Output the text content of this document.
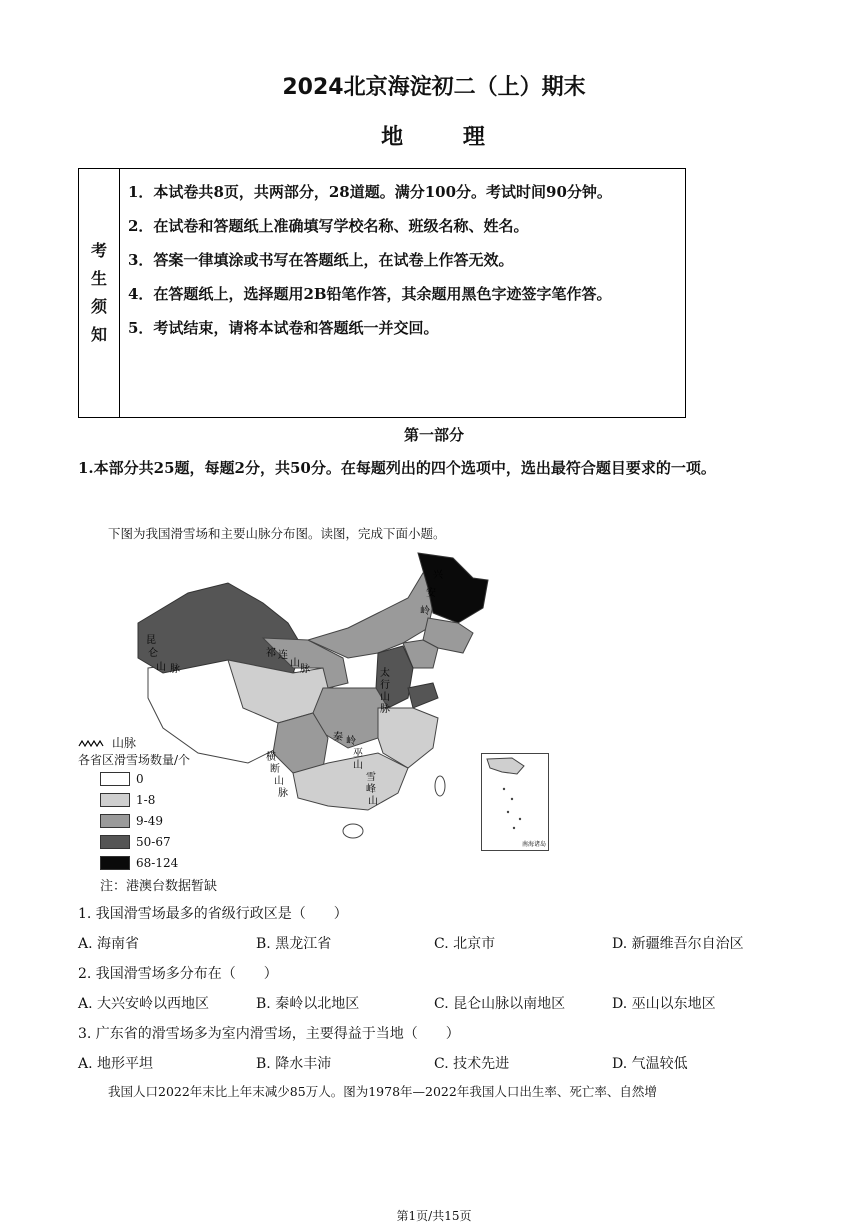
2024北京海淀初二（上）期末
地	理
考
生
须
知
1．本试卷共8页，共两部分，28道题。满分100分。考试时间90分钟。
2．在试卷和答题纸上准确填写学校名称、班级名称、姓名。
3．答案一律填涂或书写在答题纸上，在试卷上作答无效。
4．在答题纸上，选择题用2B铅笔作答，其余题用黑色字迹签字笔作答。
5．考试结束，请将本试卷和答题纸一并交回。
第一部分
1.本部分共25题，每题2分，共50分。在每题列出的四个选项中，选出最符合题目要求的一项。
下图为我国滑雪场和主要山脉分布图。读图，完成下面小题。
兴
安
岭
昆
仑
山 脉
祁 连
山
脉	太
行
山
脉
秦 岭
巫
山
雪
峰
山
横
断
山
脉
南海诸岛
山脉
各省区滑雪场数量/个
0
1-8
9-49
50-67
68-124
注：港澳台数据暂缺
1. 我国滑雪场最多的省级行政区是（　　）
A. 海南省	B. 黑龙江省	C. 北京市	D. 新疆维吾尔自治区
2. 我国滑雪场多分布在（　　）
A. 大兴安岭以西地区	B. 秦岭以北地区	C. 昆仑山脉以南地区	D. 巫山以东地区
3. 广东省的滑雪场多为室内滑雪场，主要得益于当地（　　）
A. 地形平坦	B. 降水丰沛	C. 技术先进	D. 气温较低
我国人口2022年末比上年末减少85万人。图为1978年—2022年我国人口出生率、死亡率、自然增
第1页/共15页
